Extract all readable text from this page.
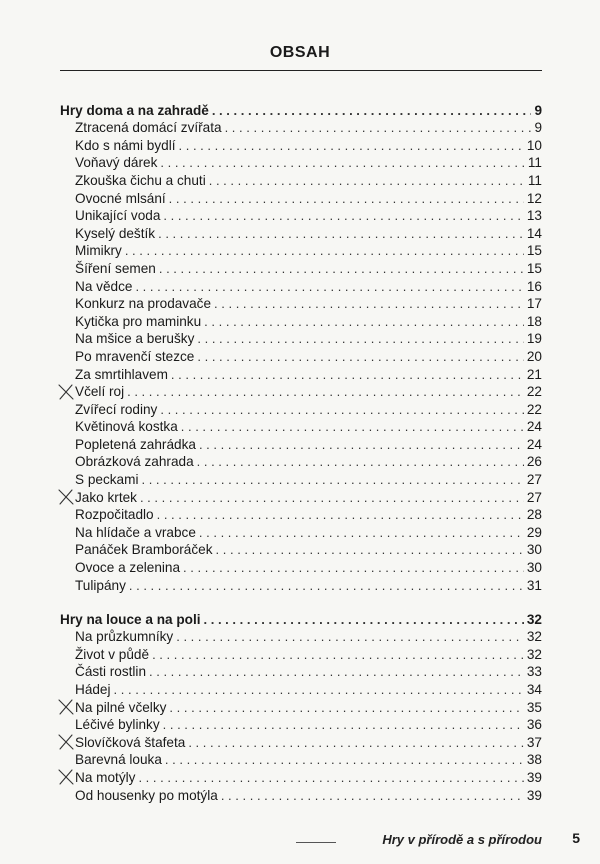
OBSAH
Hry doma a na zahradě . . .	9
Ztracená domácí zvířata . . .	9
Kdo s námi bydlí . . .	10
Voňavý dárek . . .	11
Zkouška čichu a chuti . . .	11
Ovocné mlsání . . .	12
Unikající voda . . .	13
Kyselý deštík . . .	14
Mimikry . . .	15
Šíření semen . . .	15
Na vědce . . .	16
Konkurz na prodavače . . .	17
Kytička pro maminku . . .	18
Na mšice a berušky . . .	19
Po mravenčí stezce . . .	20
Za smrtihlavem . . .	21
Včelí roj . . .	22
Zvířecí rodiny . . .	22
Květinová kostka . . .	24
Popletená zahrádka . . .	24
Obrázková zahrada . . .	26
S peckami . . .	27
Jako krtek . . .	27
Rozpočitadlo . . .	28
Na hlídače a vrabce . . .	29
Panáček Bramboráček . . .	30
Ovoce a zelenina . . .	30
Tulipány . . .	31
Hry na louce a na poli . . .	32
Na průzkumníky . . .	32
Život v půdě . . .	32
Části rostlin . . .	33
Hádej . . .	34
Na pilné včelky . . .	35
Léčivé bylinky . . .	36
Slovíčková štafeta . . .	37
Barevná louka . . .	38
Na motýly . . .	39
Od housenky po motýla . . .	39
Hry v přírodě a s přírodou 5
